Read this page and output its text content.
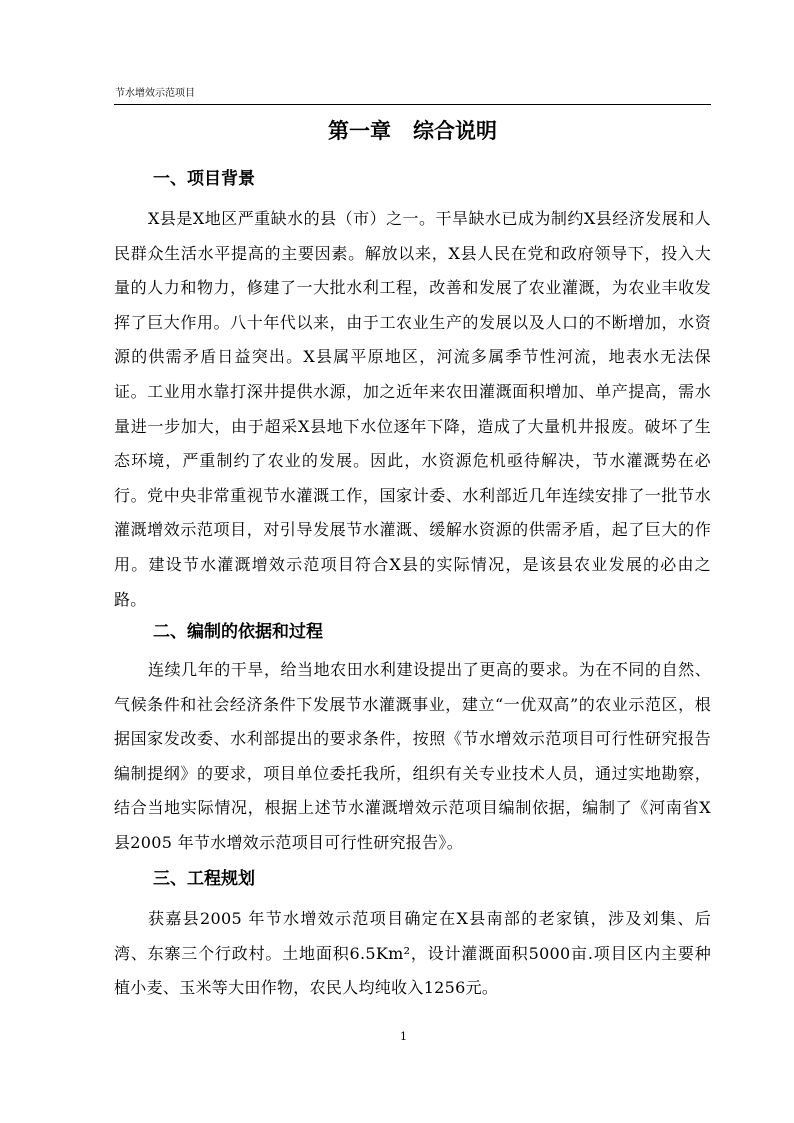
节水增效示范项目
第一章 综合说明
一、项目背景
X县是X地区严重缺水的县（市）之一。干旱缺水已成为制约X县经济发展和人民群众生活水平提高的主要因素。解放以来，X县人民在党和政府领导下，投入大量的人力和物力，修建了一大批水利工程，改善和发展了农业灌溉，为农业丰收发挥了巨大作用。八十年代以来，由于工农业生产的发展以及人口的不断增加，水资源的供需矛盾日益突出。X县属平原地区，河流多属季节性河流，地表水无法保证。工业用水靠打深井提供水源，加之近年来农田灌溉面积增加、单产提高，需水量进一步加大，由于超采X县地下水位逐年下降，造成了大量机井报废。破坏了生态环境，严重制约了农业的发展。因此，水资源危机亟待解决，节水灌溉势在必行。党中央非常重视节水灌溉工作，国家计委、水利部近几年连续安排了一批节水灌溉增效示范项目，对引导发展节水灌溉、缓解水资源的供需矛盾，起了巨大的作用。建设节水灌溉增效示范项目符合X县的实际情况，是该县农业发展的必由之路。
二、编制的依据和过程
连续几年的干旱，给当地农田水利建设提出了更高的要求。为在不同的自然、气候条件和社会经济条件下发展节水灌溉事业，建立“一优双高”的农业示范区，根据国家发改委、水利部提出的要求条件，按照《节水增效示范项目可行性研究报告编制提纲》的要求，项目单位委托我所，组织有关专业技术人员，通过实地勘察，结合当地实际情况，根据上述节水灌溉增效示范项目编制依据，编制了《河南省X县2005 年节水增效示范项目可行性研究报告》。
三、工程规划
获嘉县2005 年节水增效示范项目确定在X县南部的老家镇，涉及刘集、后湾、东寨三个行政村。土地面积6.5Km²，设计灌溉面积5000亩.项目区内主要种植小麦、玉米等大田作物，农民人均纯收入1256元。
1
